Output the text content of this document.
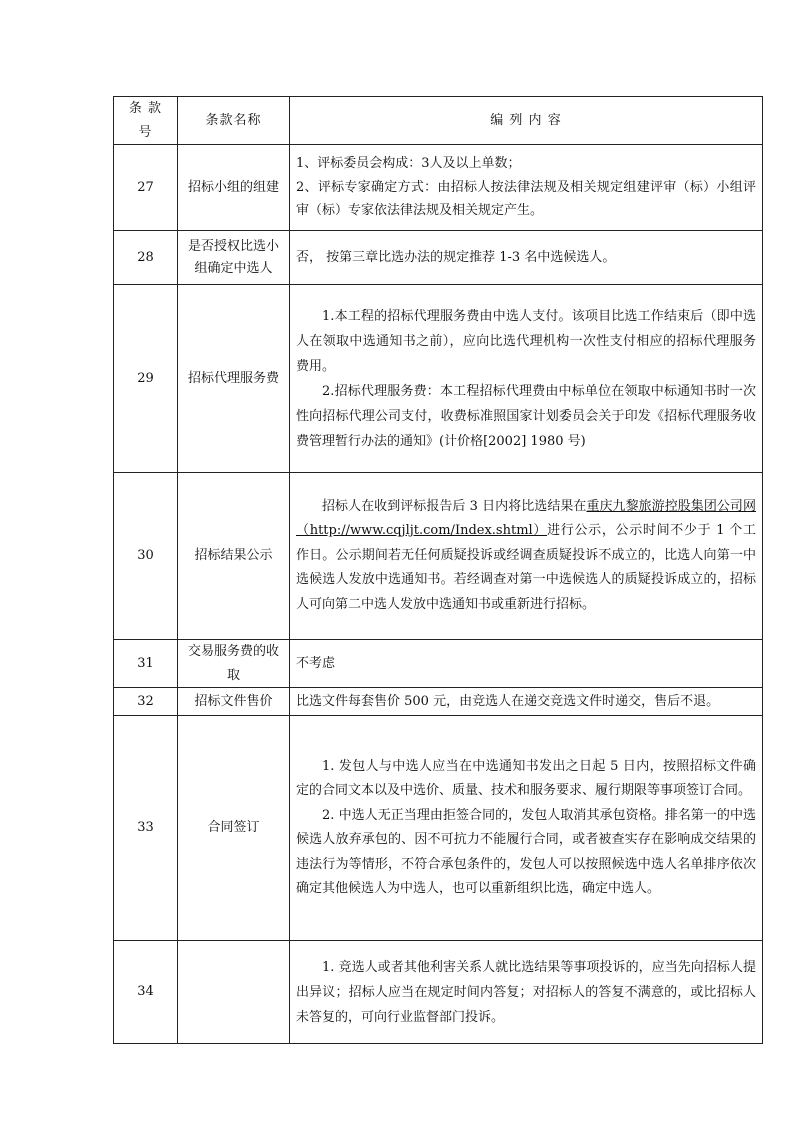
条 款 号	条款名称	编 列 内 容
27	招标小组的组建	1、评标委员会构成：3人及以上单数；

2、评标专家确定方式：由招标人按法律法规及相关规定组建评审（标）小组评审（标）专家依法律法规及相关规定产生。

28	是否授权比选小组确定中选人	否， 按第三章比选办法的规定推荐 1-3 名中选候选人。

29	招标代理服务费	1.本工程的招标代理服务费由中选人支付。该项目比选工作结束后（即中选人在领取中选通知书之前），应向比选代理机构一次性支付相应的招标代理服务费用。

2.招标代理服务费：本工程招标代理费由中标单位在领取中标通知书时一次性向招标代理公司支付，收费标准照国家计划委员会关于印发《招标代理服务收费管理暂行办法的通知》(计价格[2002] 1980 号)

30	招标结果公示	招标人在收到评标报告后 3 日内将比选结果在重庆九黎旅游控股集团公司网（http://www.cqjljt.com/Index.shtml）进行公示，公示时间不少于 1 个工作日。公示期间若无任何质疑投诉或经调查质疑投诉不成立的，比选人向第一中选候选人发放中选通知书。若经调查对第一中选候选人的质疑投诉成立的，招标人可向第二中选人发放中选通知书或重新进行招标。

31	交易服务费的收取	不考虑

32	招标文件售价	比选文件每套售价 500 元，由竞选人在递交竞选文件时递交，售后不退。

33	合同签订	1. 发包人与中选人应当在中选通知书发出之日起 5 日内，按照招标文件确定的合同文本以及中选价、质量、技术和服务要求、履行期限等事项签订合同。

2. 中选人无正当理由拒签合同的，发包人取消其承包资格。排名第一的中选候选人放弃承包的、因不可抗力不能履行合同，或者被查实存在影响成交结果的违法行为等情形，不符合承包条件的，发包人可以按照候选中选人名单排序依次确定其他候选人为中选人，也可以重新组织比选，确定中选人。

34		1. 竞选人或者其他利害关系人就比选结果等事项投诉的，应当先向招标人提出异议；招标人应当在规定时间内答复；对招标人的答复不满意的，或比招标人未答复的，可向行业监督部门投诉。
